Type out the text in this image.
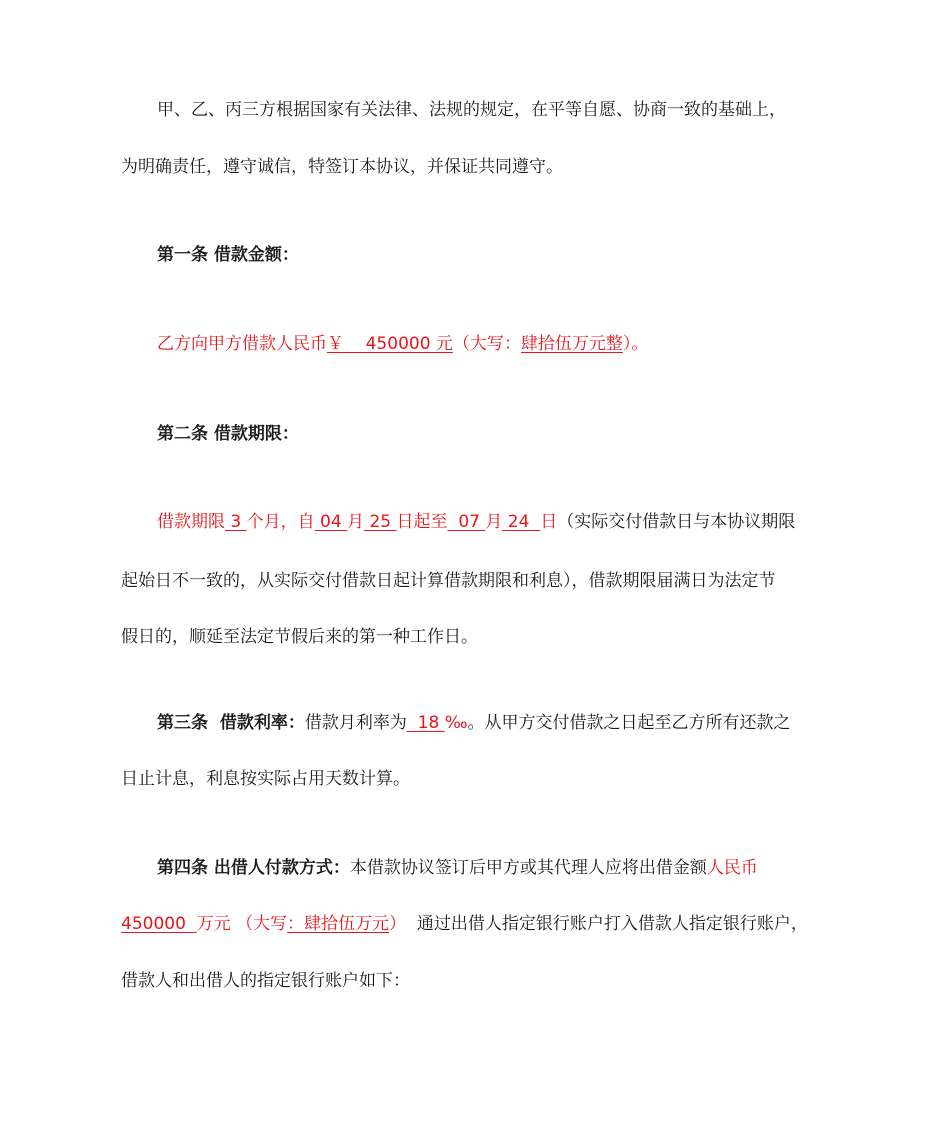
甲、乙、丙三方根据国家有关法律、法规的规定，在平等自愿、协商一致的基础上，
为明确责任，遵守诚信，特签订本协议，并保证共同遵守。
第一条 借款金额：
乙方向甲方借款人民币￥    450000 元（大写：肆拾伍万元整）。
第二条 借款期限：
借款期限 3 个月，自 04 月 25 日起至  07 月 24  日（实际交付借款日与本协议期限
起始日不一致的，从实际交付借款日起计算借款期限和利息），借款期限届满日为法定节
假日的，顺延至法定节假后来的第一种工作日。
第三条  借款利率：借款月利率为  18 ‰。从甲方交付借款之日起至乙方所有还款之
日止计息，利息按实际占用天数计算。
第四条 出借人付款方式：本借款协议签订后甲方或其代理人应将出借金额人民币
450000  万元 （大写：肆拾伍万元）  通过出借人指定银行账户打入借款人指定银行账户，
借款人和出借人的指定银行账户如下：
